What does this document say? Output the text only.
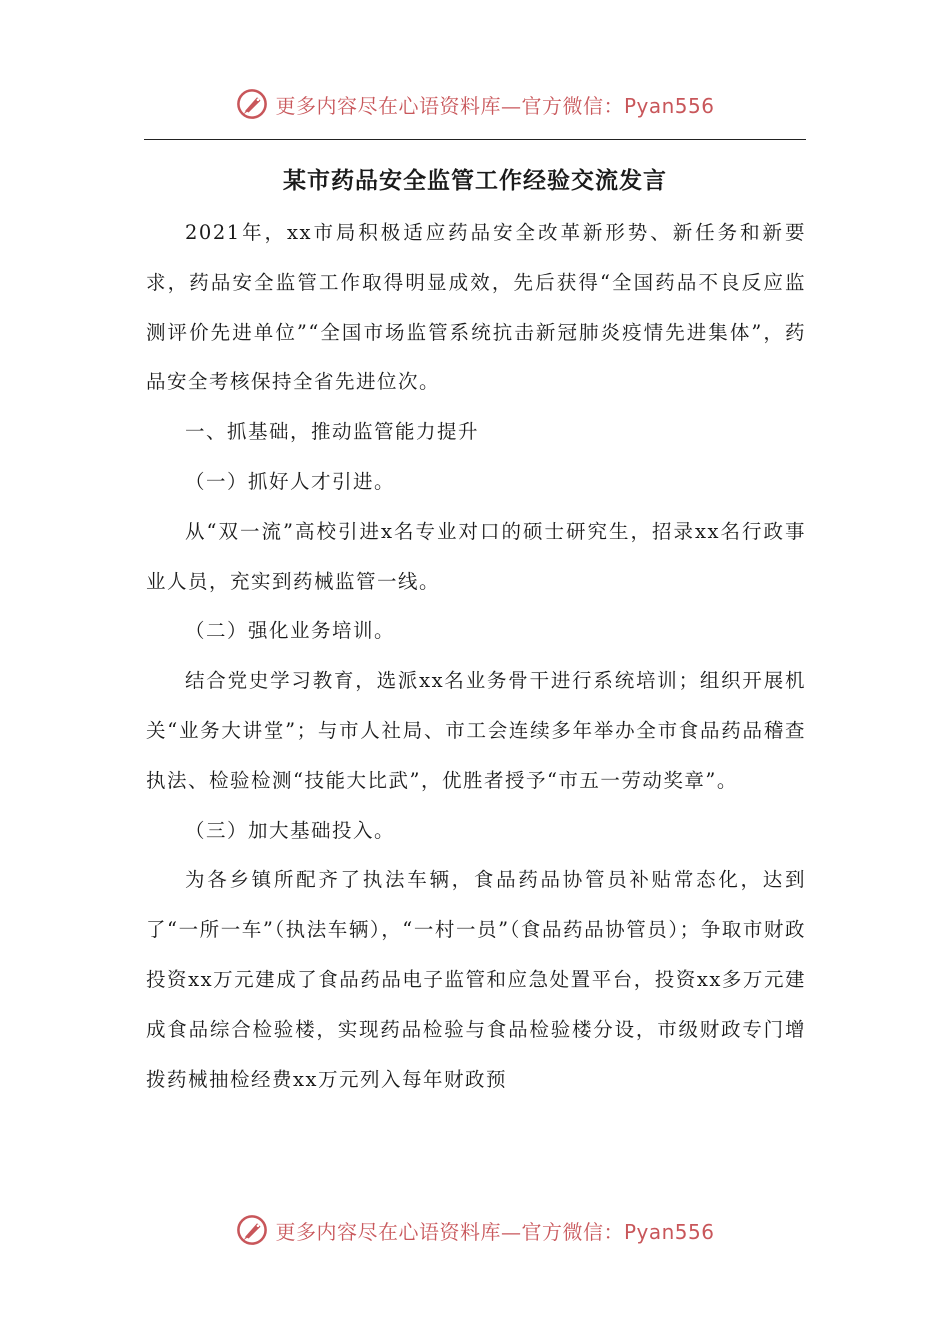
更多内容尽在心语资料库—官方微信：Pyan556
某市药品安全监管工作经验交流发言

2021年，xx市局积极适应药品安全改革新形势、新任务和新要求，药品安全监管工作取得明显成效，先后获得“全国药品不良反应监测评价先进单位”“全国市场监管系统抗击新冠肺炎疫情先进集体”，药品安全考核保持全省先进位次。

一、抓基础，推动监管能力提升

（一）抓好人才引进。

从“双一流”高校引进x名专业对口的硕士研究生，招录xx名行政事业人员，充实到药械监管一线。

（二）强化业务培训。

结合党史学习教育，选派xx名业务骨干进行系统培训；组织开展机关“业务大讲堂”；与市人社局、市工会连续多年举办全市食品药品稽查执法、检验检测“技能大比武”，优胜者授予“市五一劳动奖章”。

（三）加大基础投入。

为各乡镇所配齐了执法车辆，食品药品协管员补贴常态化，达到了“一所一车”（执法车辆），“一村一员”（食品药品协管员）；争取市财政投资xx万元建成了食品药品电子监管和应急处置平台，投资xx多万元建成食品综合检验楼，实现药品检验与食品检验楼分设，市级财政专门增拨药械抽检经费xx万元列入每年财政预

更多内容尽在心语资料库—官方微信：Pyan556
